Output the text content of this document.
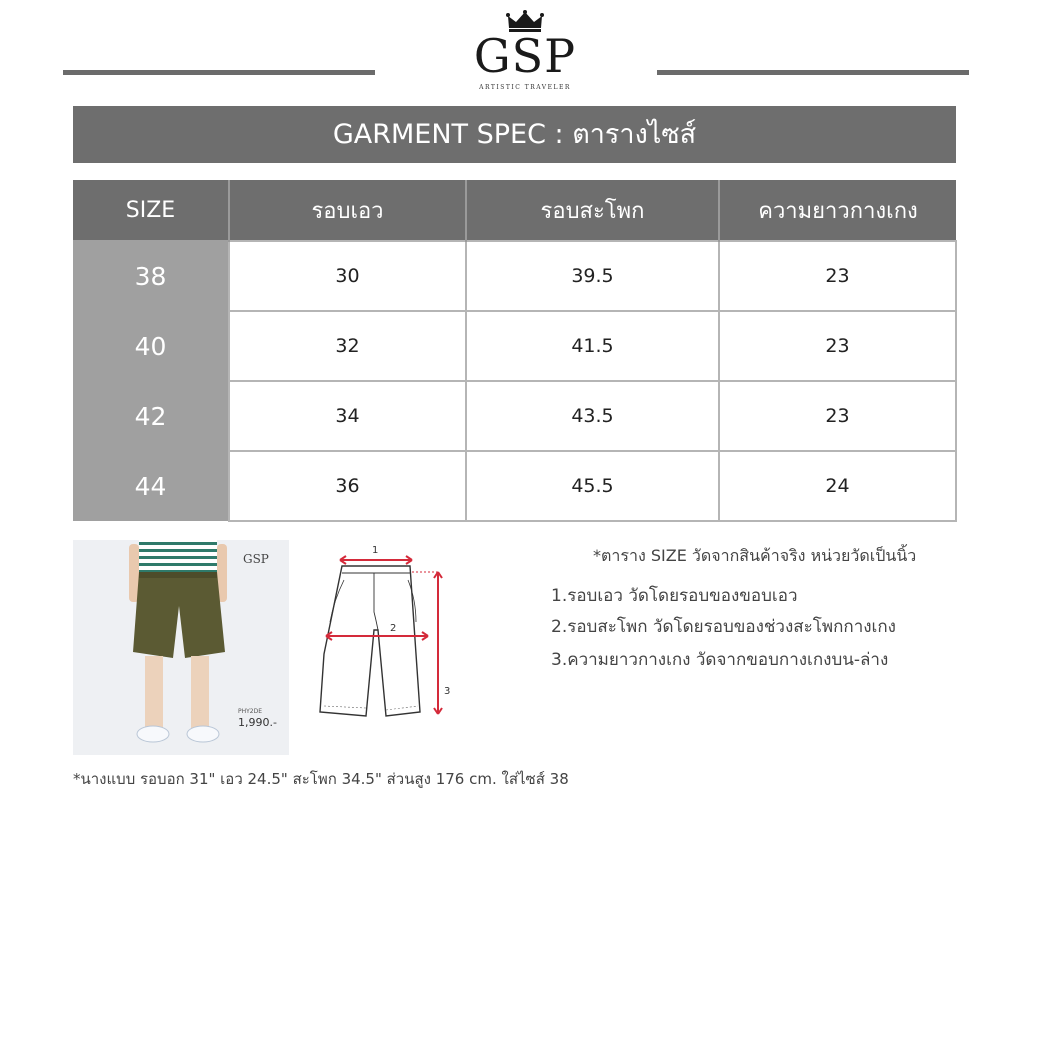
GSP
ARTISTIC TRAVELER
GARMENT SPEC : ตารางไซส์
SIZE	รอบเอว	รอบสะโพก	ความยาวกางเกง
38	30	39.5	23
40	32	41.5	23
42	34	43.5	23
44	36	45.5	24
GSP
PHY2DE
1,990.-
1
2
3
*ตาราง SIZE วัดจากสินค้าจริง หน่วยวัดเป็นนิ้ว
1.รอบเอว วัดโดยรอบของขอบเอว
2.รอบสะโพก วัดโดยรอบของช่วงสะโพกกางเกง
3.ความยาวกางเกง วัดจากขอบกางเกงบน-ล่าง
*นางแบบ รอบอก 31" เอว 24.5" สะโพก 34.5" ส่วนสูง 176 cm. ใส่ไซส์ 38
